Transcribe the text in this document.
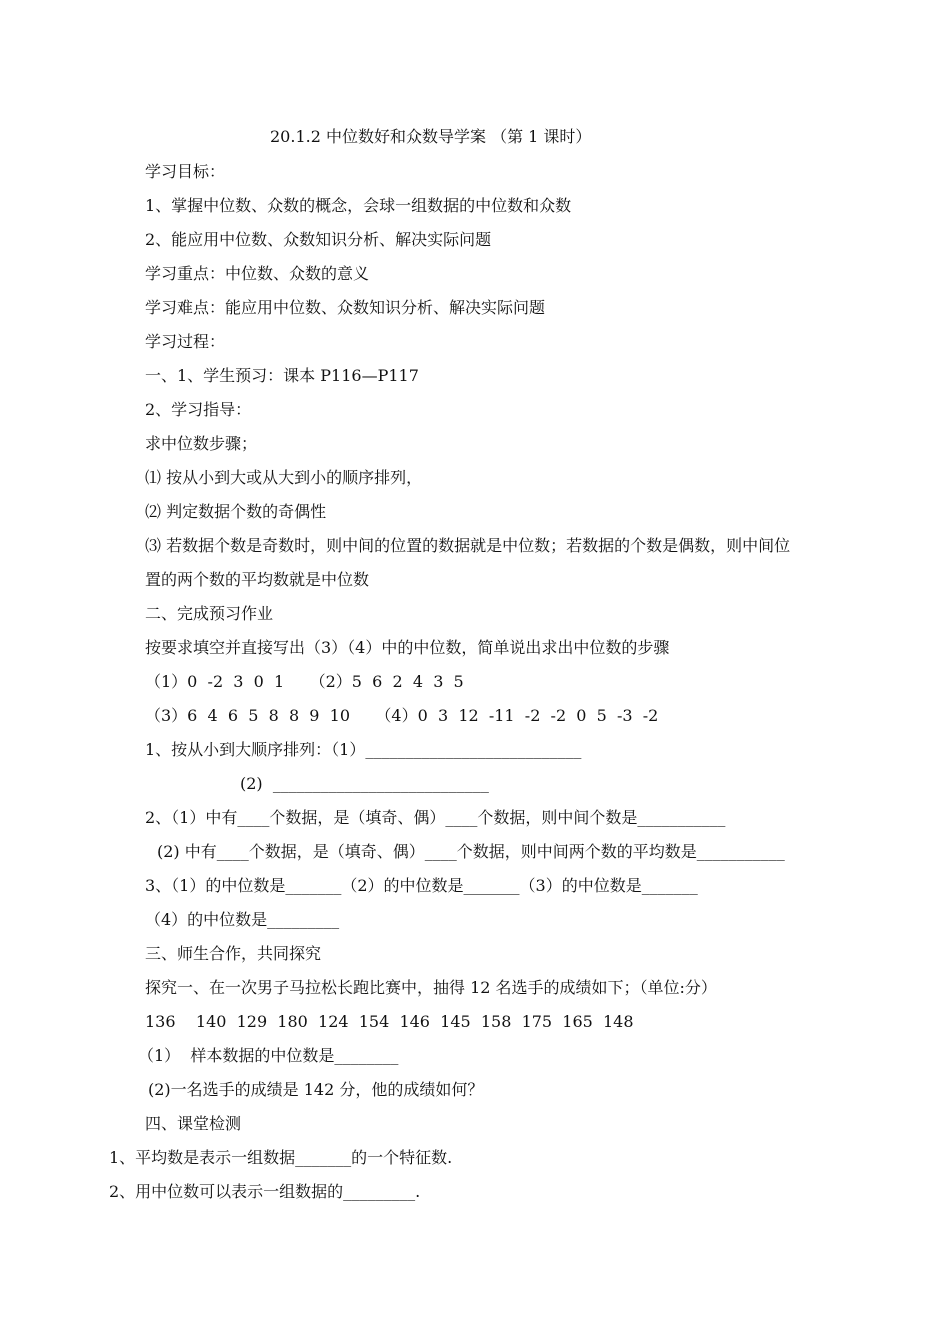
20.1.2 中位数好和众数导学案 （第 1 课时）
学习目标：
1、掌握中位数、众数的概念，会球一组数据的中位数和众数
2、能应用中位数、众数知识分析、解决实际问题
学习重点：中位数、众数的意义
学习难点：能应用中位数、众数知识分析、解决实际问题
学习过程：
一、1、学生预习：课本 P116—P117
2、学习指导：
求中位数步骤；
⑴ 按从小到大或从大到小的顺序排列，
⑵ 判定数据个数的奇偶性
⑶ 若数据个数是奇数时，则中间的位置的数据就是中位数；若数据的个数是偶数，则中间位
置的两个数的平均数就是中位数
二、完成预习作业
按要求填空并直接写出（3）（4）中的中位数，简单说出求出中位数的步骤
（1）0  -2  3  0  1     （2）5  6  2  4  3  5
（3）6  4  6  5  8  8  9  10     （4）0  3  12  -11  -2  -2  0  5  -3  -2
1、按从小到大顺序排列：（1）___________________________
(2)  ___________________________
2、（1）中有____个数据，是（填奇、偶）____个数据，则中间个数是___________
(2) 中有____个数据，是（填奇、偶）____个数据，则中间两个数的平均数是___________
3、（1）的中位数是_______（2）的中位数是_______（3）的中位数是_______
（4）的中位数是_________
三、师生合作，共同探究
探究一、在一次男子马拉松长跑比赛中，抽得 12 名选手的成绩如下；（单位:分）
136    140  129  180  124  154  146  145  158  175  165  148
（1）  样本数据的中位数是________
(2)一名选手的成绩是 142 分，他的成绩如何？
四、课堂检测
1、平均数是表示一组数据_______的一个特征数.
2、用中位数可以表示一组数据的_________.
